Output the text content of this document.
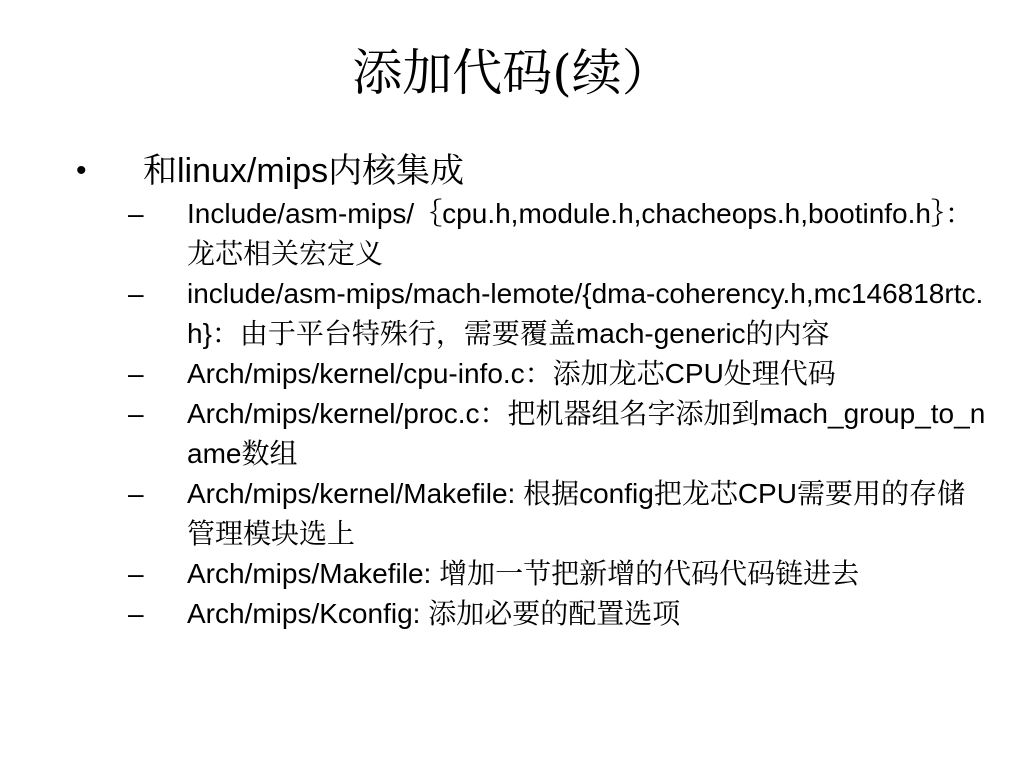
添加代码(续）
• 和linux/mips内核集成
– Include/asm-mips/｛cpu.h,module.h,chacheops.h,bootinfo.h｝：龙芯相关宏定义
– include/asm-mips/mach-lemote/{dma-coherency.h,mc146818rtc.h}：由于平台特殊行，需要覆盖mach-generic的内容
– Arch/mips/kernel/cpu-info.c：添加龙芯CPU处理代码
– Arch/mips/kernel/proc.c：把机器组名字添加到mach_group_to_name数组
– Arch/mips/kernel/Makefile: 根据config把龙芯CPU需要用的存储管理模块选上
– Arch/mips/Makefile: 增加一节把新增的代码代码链进去
– Arch/mips/Kconfig: 添加必要的配置选项
